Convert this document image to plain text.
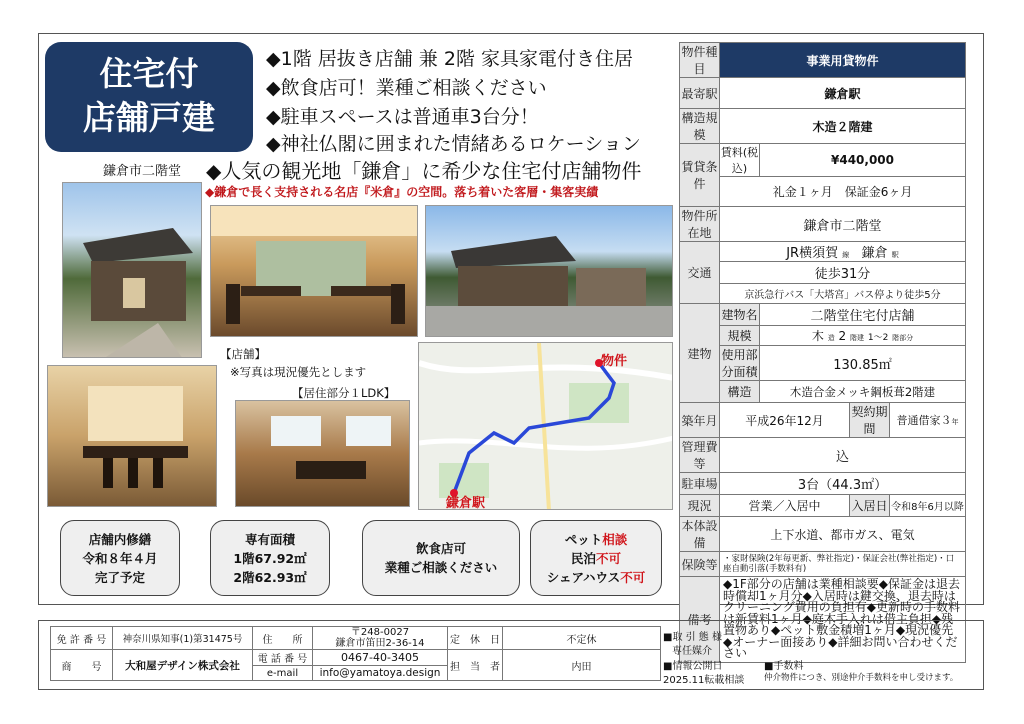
住宅付
店舗戸建
◆1階 居抜き店舗 兼 2階 家具家電付き住居
◆飲食店可！業種ご相談ください
◆駐車スペースは普通車3台分！
◆神社仏閣に囲まれた情緒あるロケーション
鎌倉市二階堂 ◆人気の観光地「鎌倉」に希少な住宅付店舗物件
◆鎌倉で長く支持される名店『米倉』の空間。落ち着いた客層・集客実績
【店舗】
※写真は現況優先とします
【居住部分１LDK】
物件
鎌倉駅
店舗内修繕
令和８年４月
完了予定
専有面積
1階67.92㎡
2階62.93㎡
飲食店可
業種ご相談ください
ペット相談
民泊不可
シェアハウス不可
物件種目	事業用貸物件			
最寄駅	鎌倉駅			
構造規模	木造２階建			
賃貸条件	賃料(税込)	¥440,000		
	礼金１ヶ月　保証金6ヶ月			
物件所在地	鎌倉市二階堂			
交通	JR横須賀 線 鎌倉 駅			
	徒歩31分			
	京浜急行バス「大塔宮」バス停より徒歩5分			
建物	建物名	二階堂住宅付店舗		
	規模	木 造 2 階建 1〜2 階部分		
	使用部分面積	130.85㎡		
	構造	木造合金メッキ鋼板葺2階建		
築年月	平成26年12月		契約期間	普通借家３年
管理費等	込			
駐車場	3台（44.3㎡）			
現況	営業／入居中		入居日	令和8年6月以降
本体設備	上下水道、都市ガス、電気			
保険等	・家財保険(2年毎更新、弊社指定)・保証会社(弊社指定)・口座自動引落(手数料有)			
備考	◆1F部分の店舗は業種相談要◆保証金は退去時償却1ヶ月分◆入居時は鍵交換、退去時はクリーニング費用の負担有◆更新時の手数料は新賃料1ヶ月◆庭木手入れは借主負担◆残置物あり◆ペット敷金積増1ヶ月◆現況優先◆オーナー面接あり◆詳細お問い合わせください			
免 許 番 号	神奈川県知事(1)第31475号	住　　所	〒248-0027
鎌倉市笛田2-36-14	定　休　日	不定休
商　　号	大和屋デザイン株式会社	電 話 番 号	0467-40-3405	担　当　者	内田
		e-mail	info@yamatoya.design		
■取 引 態 様
専任媒介
■情報公開日
2025.11転載相談
■手数料
仲介物件につき、別途仲介手数料を申し受けます。
